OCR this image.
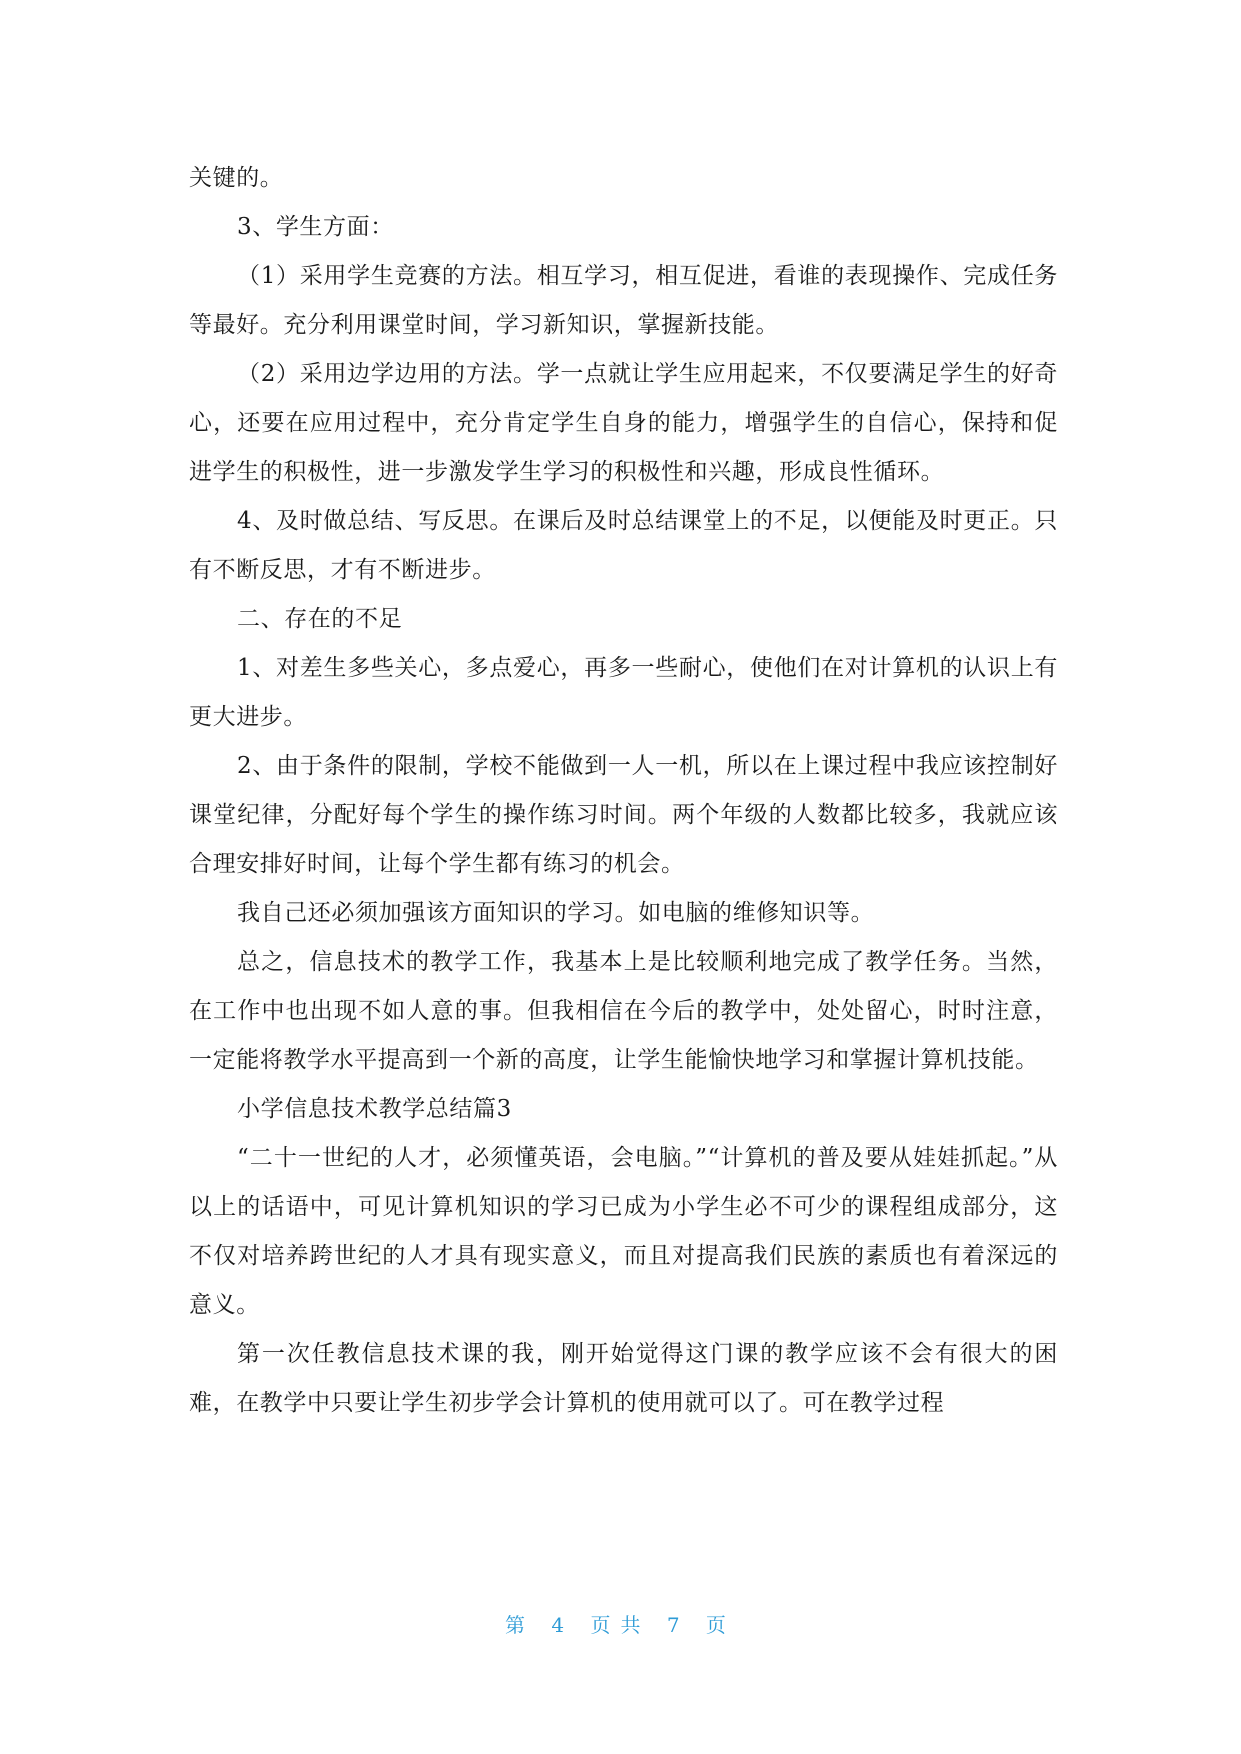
关键的。

3、学生方面：

（1）采用学生竞赛的方法。相互学习，相互促进，看谁的表现操作、完成任务等最好。充分利用课堂时间，学习新知识，掌握新技能。

（2）采用边学边用的方法。学一点就让学生应用起来，不仅要满足学生的好奇心，还要在应用过程中，充分肯定学生自身的能力，增强学生的自信心，保持和促进学生的积极性，进一步激发学生学习的积极性和兴趣，形成良性循环。

4、及时做总结、写反思。在课后及时总结课堂上的不足，以便能及时更正。只有不断反思，才有不断进步。

二、存在的不足

1、对差生多些关心，多点爱心，再多一些耐心，使他们在对计算机的认识上有更大进步。

2、由于条件的限制，学校不能做到一人一机，所以在上课过程中我应该控制好课堂纪律，分配好每个学生的操作练习时间。两个年级的人数都比较多，我就应该合理安排好时间，让每个学生都有练习的机会。

我自己还必须加强该方面知识的学习。如电脑的维修知识等。

总之，信息技术的教学工作，我基本上是比较顺利地完成了教学任务。当然，在工作中也出现不如人意的事。但我相信在今后的教学中，处处留心，时时注意，一定能将教学水平提高到一个新的高度，让学生能愉快地学习和掌握计算机技能。

小学信息技术教学总结篇3

“二十一世纪的人才，必须懂英语，会电脑。”“计算机的普及要从娃娃抓起。”从以上的话语中，可见计算机知识的学习已成为小学生必不可少的课程组成部分，这不仅对培养跨世纪的人才具有现实意义，而且对提高我们民族的素质也有着深远的意义。

第一次任教信息技术课的我，刚开始觉得这门课的教学应该不会有很大的困难，在教学中只要让学生初步学会计算机的使用就可以了。可在教学过程

第 4 页共 7 页
